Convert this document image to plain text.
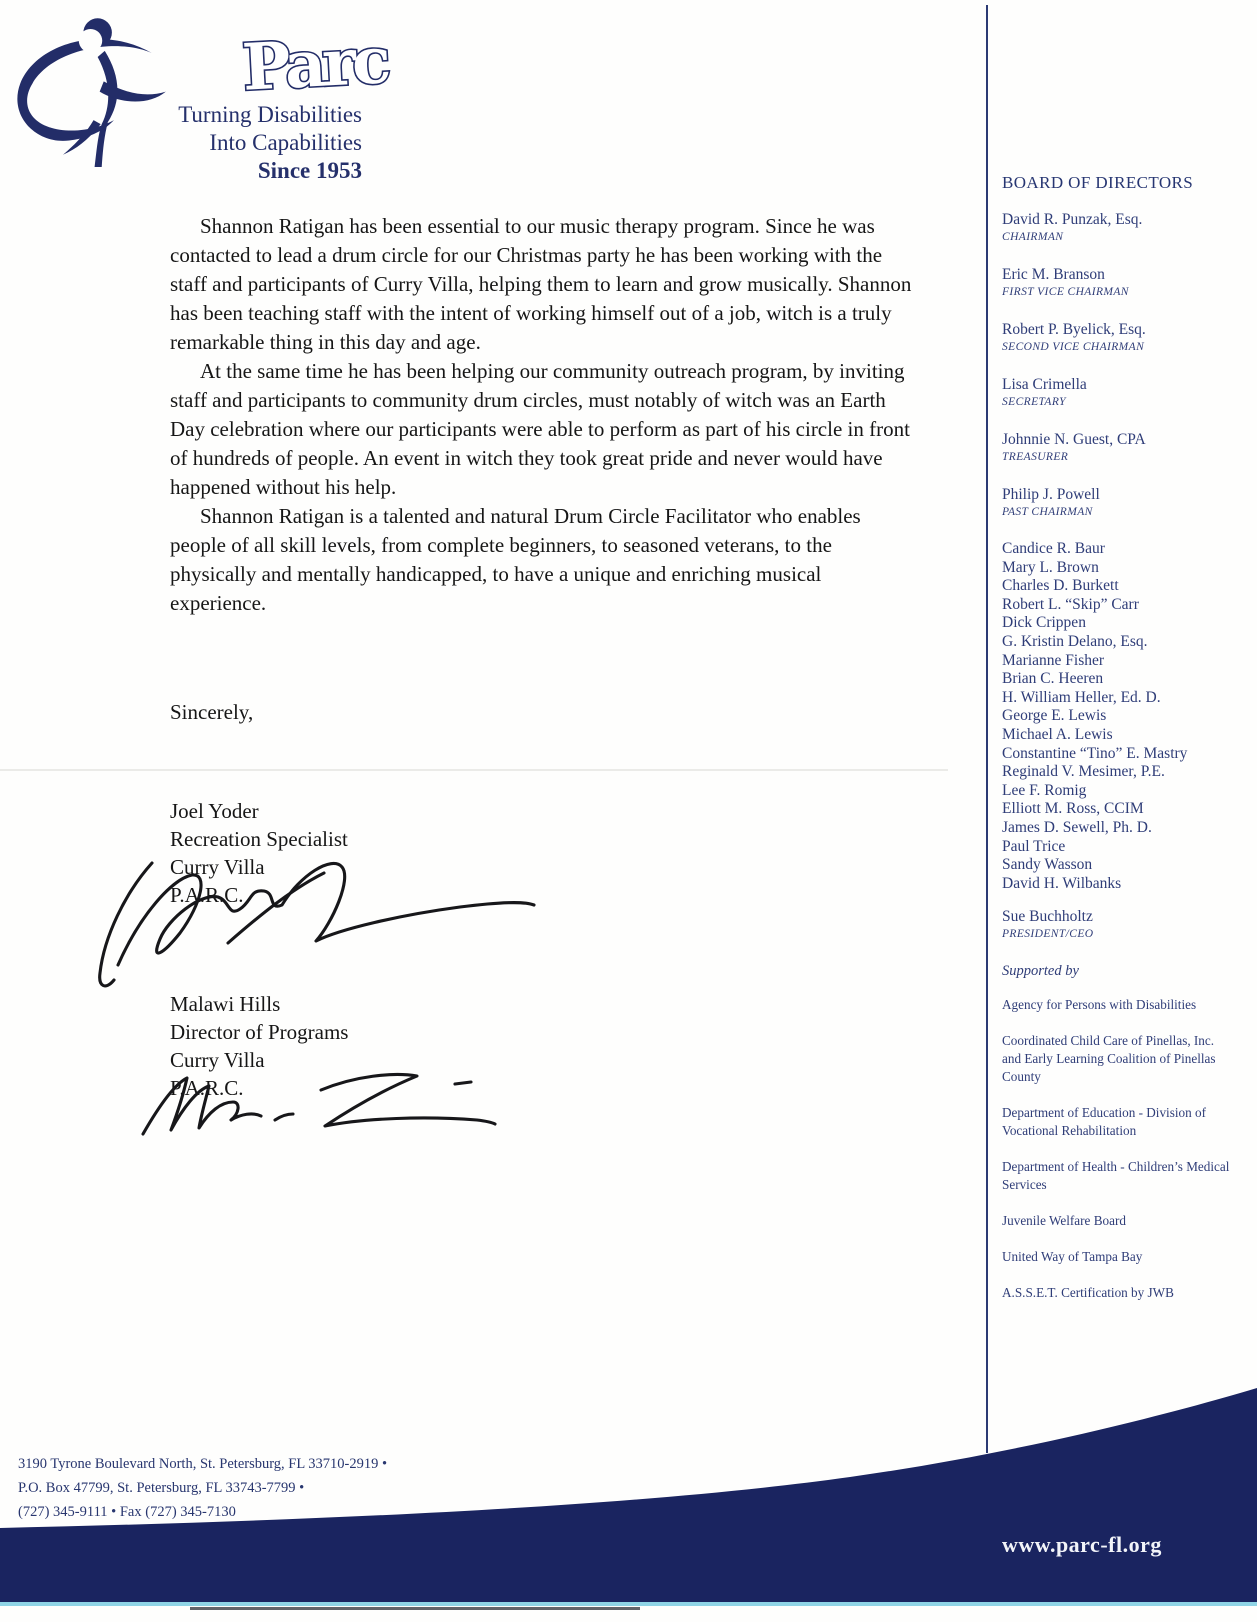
Parc
Turning Disabilities
Into Capabilities
Since 1953

Shannon Ratigan has been essential to our music therapy program. Since he was contacted to lead a drum circle for our Christmas party he has been working with the staff and participants of Curry Villa, helping them to learn and grow musically. Shannon has been teaching staff with the intent of working himself out of a job, witch is a truly remarkable thing in this day and age.

At the same time he has been helping our community outreach program, by inviting staff and participants to community drum circles, must notably of witch was an Earth Day celebration where our participants were able to perform as part of his circle in front of hundreds of people. An event in witch they took great pride and never would have happened without his help.

Shannon Ratigan is a talented and natural Drum Circle Facilitator who enables people of all skill levels, from complete beginners, to seasoned veterans, to the physically and mentally handicapped, to have a unique and enriching musical experience.

Sincerely,
Joel Yoder
Recreation Specialist
Curry Villa
P.A.R.C.
Malawi Hills
Director of Programs
Curry Villa
P.A.R.C.
BOARD OF DIRECTORS
David R. Punzak, Esq.
CHAIRMAN
Eric M. Branson
FIRST VICE CHAIRMAN
Robert P. Byelick, Esq.
SECOND VICE CHAIRMAN
Lisa Crimella
SECRETARY
Johnnie N. Guest, CPA
TREASURER
Philip J. Powell
PAST CHAIRMAN
Candice R. Baur
Mary L. Brown
Charles D. Burkett
Robert L. “Skip” Carr
Dick Crippen
G. Kristin Delano, Esq.
Marianne Fisher
Brian C. Heeren
H. William Heller, Ed. D.
George E. Lewis
Michael A. Lewis
Constantine “Tino” E. Mastry
Reginald V. Mesimer, P.E.
Lee F. Romig
Elliott M. Ross, CCIM
James D. Sewell, Ph. D.
Paul Trice
Sandy Wasson
David H. Wilbanks
Sue Buchholtz
PRESIDENT/CEO
Supported by
Agency for Persons with Disabilities
Coordinated Child Care of Pinellas, Inc. and Early Learning Coalition of Pinellas County
Department of Education - Division of Vocational Rehabilitation
Department of Health - Children’s Medical Services
Juvenile Welfare Board
United Way of Tampa Bay
A.S.S.E.T. Certification by JWB
3190 Tyrone Boulevard North, St. Petersburg, FL 33710-2919 •
P.O. Box 47799, St. Petersburg, FL 33743-7799 •
(727) 345-9111 • Fax (727) 345-7130
www.parc-fl.org
